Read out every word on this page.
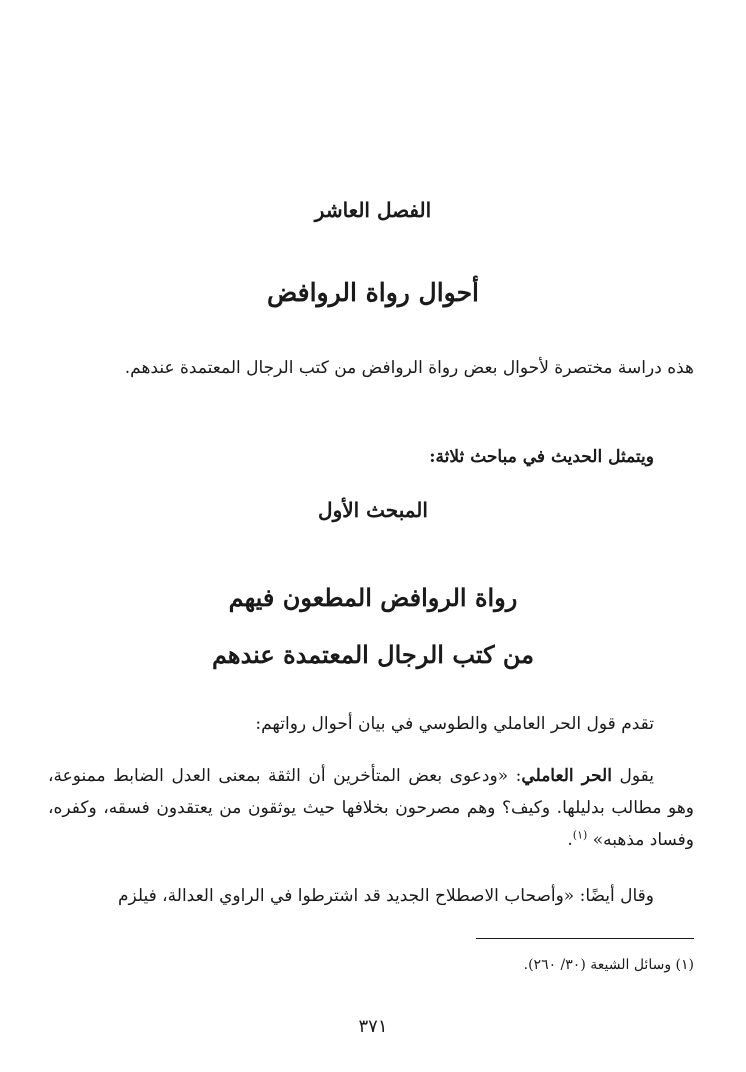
الفصل العاشر
أحوال رواة الروافض

هذه دراسة مختصرة لأحوال بعض رواة الروافض من كتب الرجال المعتمدة عندهم.

ويتمثل الحديث في مباحث ثلاثة:

المبحث الأول
رواة الروافض المطعون فيهم
من كتب الرجال المعتمدة عندهم

تقدم قول الحر العاملي والطوسي في بيان أحوال رواتهم:

يقول الحر العاملي: «ودعوى بعض المتأخرين أن الثقة بمعنى العدل الضابط ممنوعة، وهو مطالب بدليلها. وكيف؟ وهم مصرحون بخلافها حيث يوثقون من يعتقدون فسقه، وكفره، وفساد مذهبه» $^{(١)}$.

وقال أيضًا: «وأصحاب الاصطلاح الجديد قد اشترطوا في الراوي العدالة، فيلزم

(١) وسائل الشيعة (٣٠/ ٢٦٠).

٣٧١
